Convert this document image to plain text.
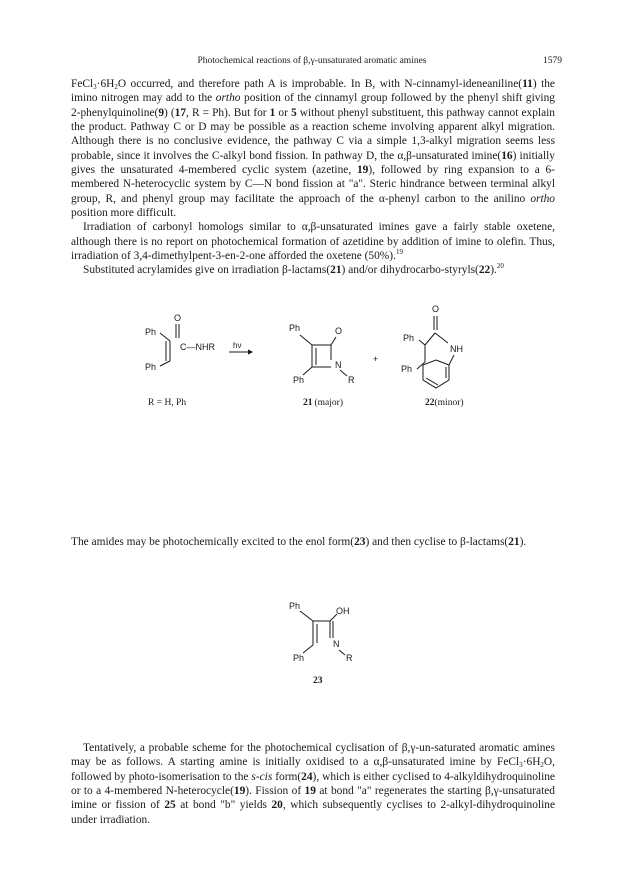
Photochemical reactions of β,γ-unsaturated aromatic amines	1579

$FeCl_3\cdot 6H_2O$ occurred, and therefore path A is improbable. In B, with N-cinnamyl-ideneaniline(11) the imino nitrogen may add to the ortho position of the cinnamyl group followed by the phenyl shift giving 2-phenylquinoline(9) (17, R = Ph). But for 1 or 5 without phenyl substituent, this pathway cannot explain the product. Pathway C or D may be possible as a reaction scheme involving apparent alkyl migration. Although there is no conclusive evidence, the pathway C via a simple 1,3-alkyl migration seems less probable, since it involves the C-alkyl bond fission. In pathway D, the α,β-unsaturated imine(16) initially gives the unsaturated 4-membered cyclic system (azetine, 19), followed by ring expansion to a 6-membered N-heterocyclic system by C—N bond fission at "a". Steric hindrance between terminal alkyl group, R, and phenyl group may facilitate the approach of the α-phenyl carbon to the anilino ortho position more difficult.

Irradiation of carbonyl homologs similar to α,β-unsaturated imines gave a fairly stable oxetene, although there is no report on photochemical formation of azetidine by addition of imine to olefin. Thus, irradiation of 3,4-dimethylpent-3-en-2-one afforded the oxetene (50%).$^{19}$

Substituted acrylamides give on irradiation β-lactams(21) and/or dihydrocarbo-styryls(22).$^{20}$

Ph
O
C—NHR
Ph
R = H, Ph
hν
Ph	O
N
R
Ph
21 (major)
+
O
Ph
NH
Ph
22(minor)
Ph	OH
N
R
Ph
23

The amides may be photochemically excited to the enol form(23) and then cyclise to β-lactams(21).

Tentatively, a probable scheme for the photochemical cyclisation of β,γ-un-saturated aromatic amines may be as follows. A starting amine is initially oxidised to a α,β-unsaturated imine by $FeCl_3\cdot 6H_2O$, followed by photo-isomerisation to the s-cis form(24), which is either cyclised to 4-alkyldihydroquinoline or to a 4-membered N-heterocycle(19). Fission of 19 at bond "a" regenerates the starting β,γ-unsaturated imine or fission of 25 at bond "b" yields 20, which subsequently cyclises to 2-alkyl-dihydroquinoline under irradiation.
